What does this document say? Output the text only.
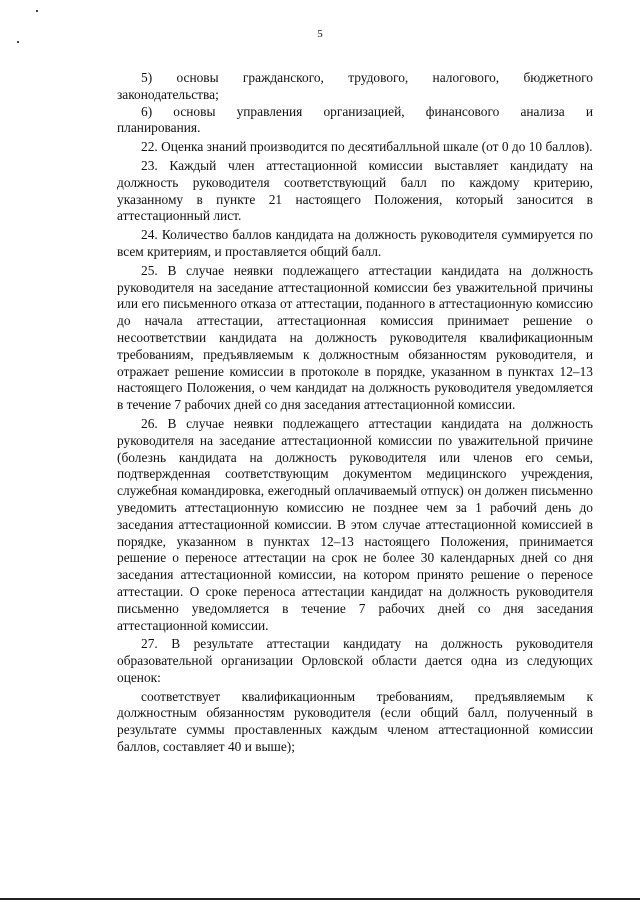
5

5)     основы     гражданского,     трудового,     налогового,     бюджетного законодательства;

6)    основы    управления    организацией,    финансового    анализа    и планирования.

22. Оценка знаний производится по десятибалльной шкале (от 0 до 10 баллов).

23. Каждый член аттестационной комиссии выставляет кандидату на должность руководителя соответствующий балл по каждому критерию, указанному в пункте 21 настоящего Положения, который заносится в аттестационный лист.

24. Количество баллов кандидата на должность руководителя суммируется по всем критериям, и проставляется общий балл.

25. В случае неявки подлежащего аттестации кандидата на должность руководителя на заседание аттестационной комиссии без уважительной причины или его письменного отказа от аттестации, поданного в аттестационную комиссию до начала аттестации, аттестационная комиссия принимает решение о несоответствии кандидата на должность руководителя квалификационным требованиям, предъявляемым к должностным обязанностям руководителя, и отражает решение комиссии в протоколе в порядке, указанном в пунктах 12–13 настоящего Положения, о чем кандидат на должность руководителя уведомляется в течение 7 рабочих дней со дня заседания аттестационной комиссии.

26. В случае неявки подлежащего аттестации кандидата на должность руководителя на заседание аттестационной комиссии по уважительной причине (болезнь кандидата на должность руководителя или членов его семьи, подтвержденная соответствующим документом медицинского учреждения, служебная командировка, ежегодный оплачиваемый отпуск) он должен письменно уведомить аттестационную комиссию не позднее чем за 1 рабочий день до заседания аттестационной комиссии. В этом случае аттестационной комиссией в порядке, указанном в пунктах 12–13 настоящего Положения, принимается решение о переносе аттестации на срок не более 30 календарных дней со дня заседания аттестационной комиссии, на котором принято решение о переносе аттестации. О сроке переноса аттестации кандидат на должность руководителя письменно уведомляется в течение 7 рабочих дней со дня заседания аттестационной комиссии.

27. В результате аттестации кандидату на должность руководителя образовательной организации Орловской области дается одна из следующих оценок:

соответствует квалификационным требованиям, предъявляемым к должностным обязанностям руководителя (если общий балл, полученный в результате суммы проставленных каждым членом аттестационной комиссии баллов, составляет 40 и выше);
